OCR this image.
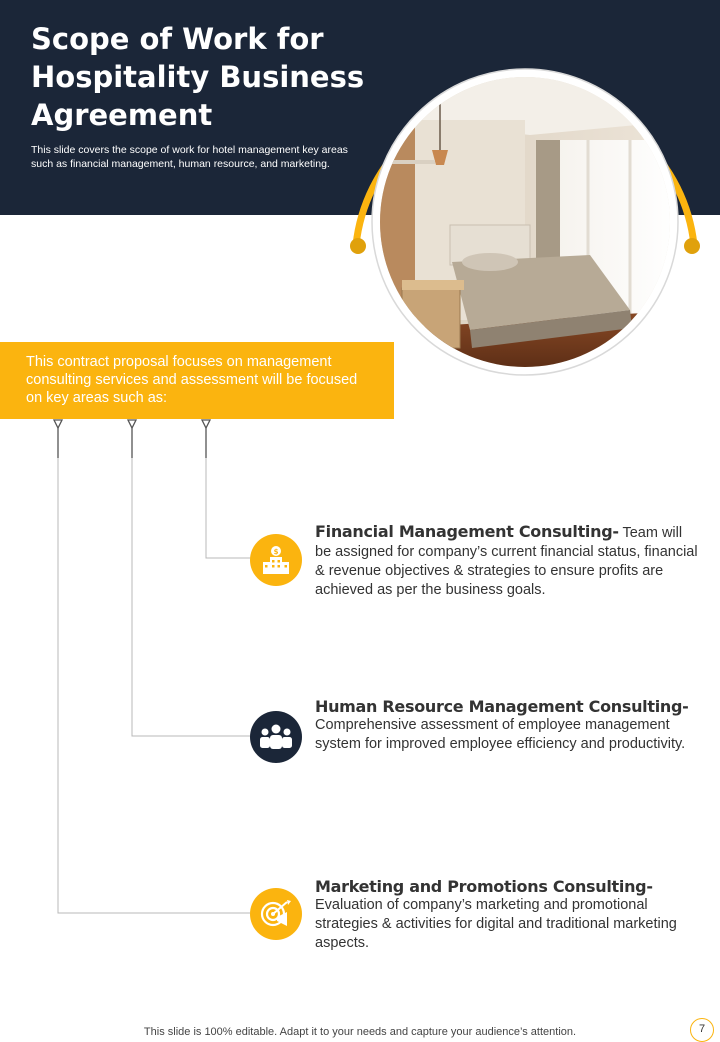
Scope of Work for Hospitality Business Agreement

This slide covers the scope of work for hotel management key areas such as financial management, human resource, and marketing.

This contract proposal focuses on management consulting services and assessment will be focused on key areas such as:
$
Financial Management Consulting- Team will be assigned for company’s current financial status, financial & revenue objectives & strategies to ensure profits are achieved as per the business goals.
Human Resource Management Consulting-
Comprehensive assessment of employee management system for improved employee efficiency and productivity.
Marketing and Promotions Consulting-
Evaluation of company’s marketing and promotional strategies & activities for digital and traditional marketing aspects.
This slide is 100% editable. Adapt it to your needs and capture your audience’s attention.	7
